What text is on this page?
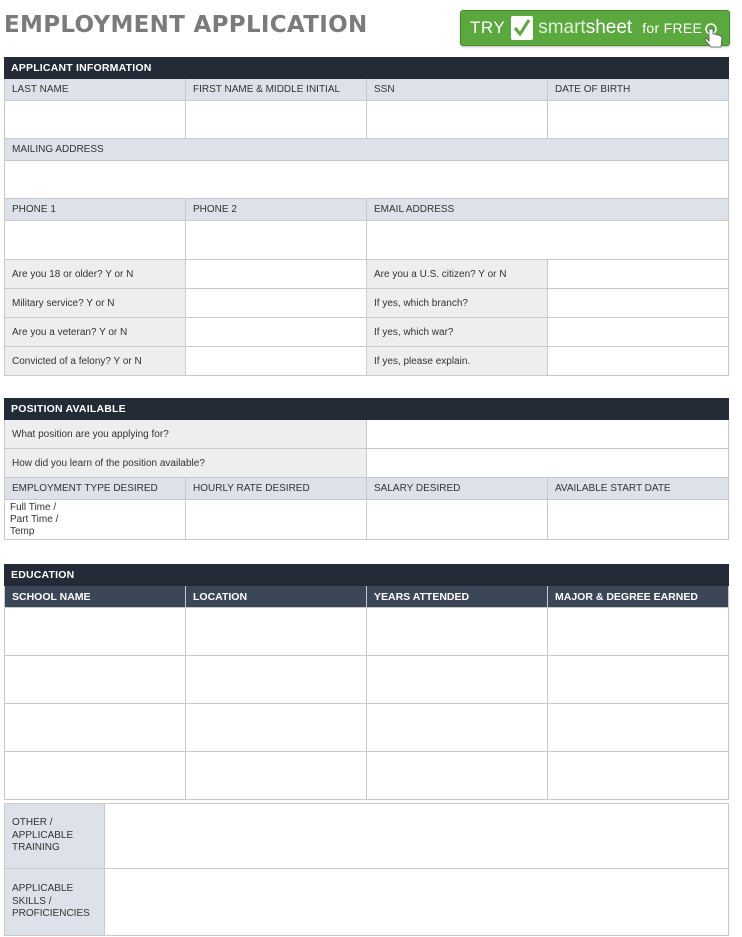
EMPLOYMENT APPLICATION	TRY smartsheet for FREE
APPLICANT INFORMATION
LAST NAME	FIRST NAME & MIDDLE INITIAL	SSN	DATE OF BIRTH
MAILING ADDRESS
PHONE 1	PHONE 2	EMAIL ADDRESS
Are you 18 or older? Y or N	Are you a U.S. citizen? Y or N
Military service? Y or N	If yes, which branch?
Are you a veteran? Y or N	If yes, which war?
Convicted of a felony? Y or N	If yes, please explain.
POSITION AVAILABLE
What position are you applying for?
How did you learn of the position available?
EMPLOYMENT TYPE DESIRED	HOURLY RATE DESIRED	SALARY DESIRED	AVAILABLE START DATE
Full Time /
Part Time /
Temp
EDUCATION
SCHOOL NAME	LOCATION	YEARS ATTENDED	MAJOR & DEGREE EARNED
OTHER /
APPLICABLE
TRAINING
APPLICABLE
SKILLS /
PROFICIENCIES
